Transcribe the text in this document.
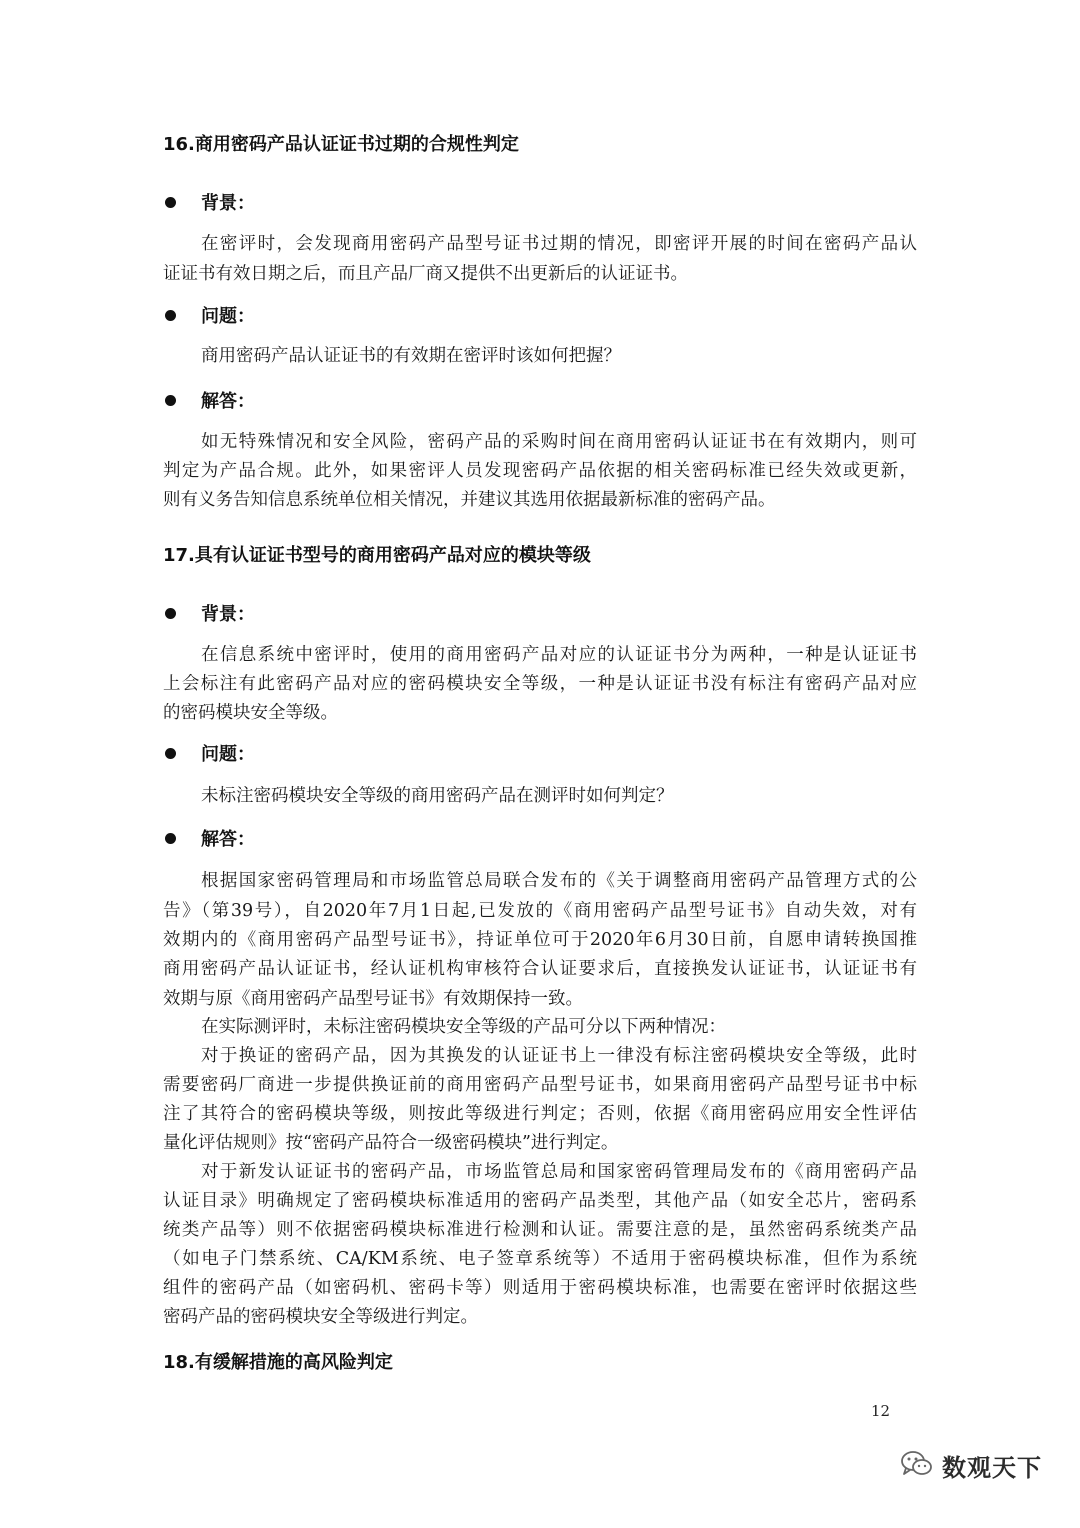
16.商用密码产品认证证书过期的合规性判定
背景：
在密评时，会发现商用密码产品型号证书过期的情况，即密评开展的时间在密码产品认
证证书有效日期之后，而且产品厂商又提供不出更新后的认证证书。
问题：
商用密码产品认证证书的有效期在密评时该如何把握？
解答：
如无特殊情况和安全风险，密码产品的采购时间在商用密码认证证书在有效期内，则可
判定为产品合规。此外，如果密评人员发现密码产品依据的相关密码标准已经失效或更新，
则有义务告知信息系统单位相关情况，并建议其选用依据最新标准的密码产品。
17.具有认证证书型号的商用密码产品对应的模块等级
背景：
在信息系统中密评时，使用的商用密码产品对应的认证证书分为两种，一种是认证证书
上会标注有此密码产品对应的密码模块安全等级，一种是认证证书没有标注有密码产品对应
的密码模块安全等级。
问题：
未标注密码模块安全等级的商用密码产品在测评时如何判定？
解答：
根据国家密码管理局和市场监管总局联合发布的《关于调整商用密码产品管理方式的公
告》（第39号），自2020年7月1日起,已发放的《商用密码产品型号证书》自动失效，对有
效期内的《商用密码产品型号证书》，持证单位可于2020年6月30日前，自愿申请转换国推
商用密码产品认证证书，经认证机构审核符合认证要求后，直接换发认证证书，认证证书有
效期与原《商用密码产品型号证书》有效期保持一致。
在实际测评时，未标注密码模块安全等级的产品可分以下两种情况：
对于换证的密码产品，因为其换发的认证证书上一律没有标注密码模块安全等级，此时
需要密码厂商进一步提供换证前的商用密码产品型号证书，如果商用密码产品型号证书中标
注了其符合的密码模块等级，则按此等级进行判定；否则，依据《商用密码应用安全性评估
量化评估规则》按“密码产品符合一级密码模块”进行判定。
对于新发认证证书的密码产品，市场监管总局和国家密码管理局发布的《商用密码产品
认证目录》明确规定了密码模块标准适用的密码产品类型，其他产品（如安全芯片，密码系
统类产品等）则不依据密码模块标准进行检测和认证。需要注意的是，虽然密码系统类产品
（如电子门禁系统、CA/KM系统、电子签章系统等）不适用于密码模块标准，但作为系统
组件的密码产品（如密码机、密码卡等）则适用于密码模块标准，也需要在密评时依据这些
密码产品的密码模块安全等级进行判定。
18.有缓解措施的高风险判定
12
数观天下
